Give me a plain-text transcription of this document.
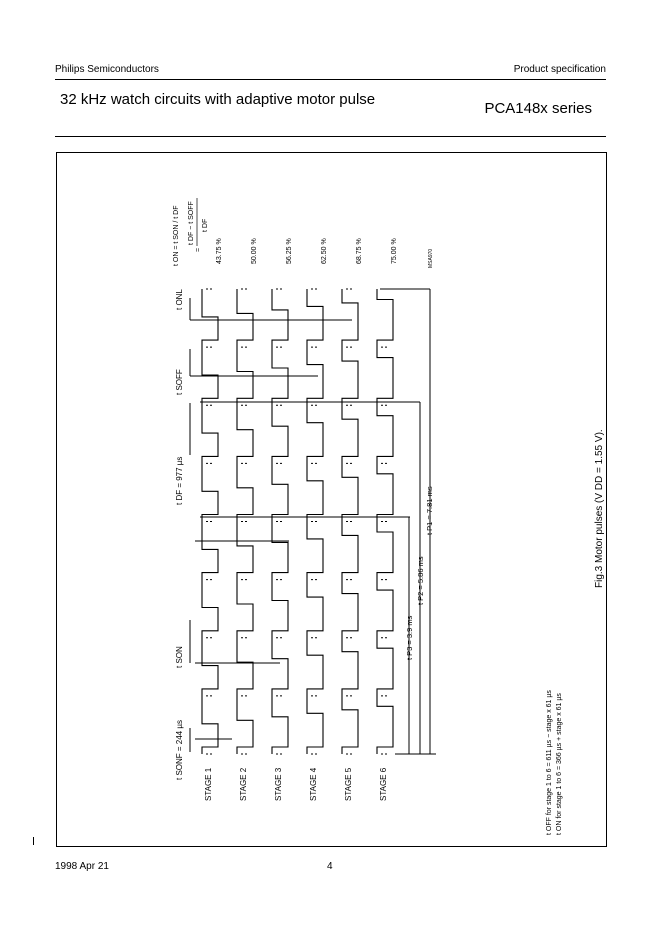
Philips Semiconductors	Product specification
32 kHz watch circuits with adaptive motor pulse
PCA148x series
STAGE 1	STAGE 2	STAGE 3	STAGE 4	STAGE 5	STAGE 6
43.75 %	50.00 %	56.25 %	62.50 %	68.75 %	75.00 %
t ON = t SON / t DF t DF − t SOFF
=
t DF
t ONL
t SOFF
t DF = 977 µs
t SON
t SONF = 244 µs
t P1 = 7.81 ms
t P2 = 5.86 ms
t P3 = 3.9 ms
MSA970
t OFF for stage 1 to 6 = 611 µs − stage x 61 µs t ON for stage 1 to 6 = 366 µs + stage x 61 µs
Fig.3 Motor pulses (V DD = 1.55 V).
1998 Apr 21	4
